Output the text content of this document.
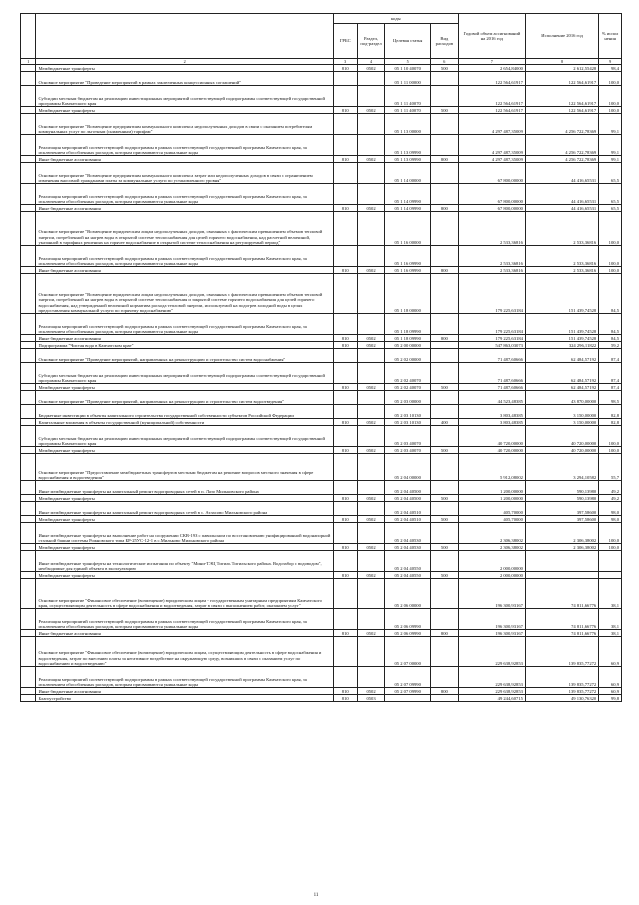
		коды				Годовой объем ассигнований на 2016 год	Исполнение 2016 год	% испол нения
		ГРБС	Раздел, под-раздел	Целевая статья	Вид расходов			
1	2	3	4	5	6	7	8	9
	Межбюджетные трансферты	810	0502	05 1 10 40070	500	2 654,84000	2 612,55428	98,4
	Основное мероприятие "Проведение мероприятий в рамках заключенных концессионных соглашений"			05 1 11 00000		122 564,61917	122 564,61917	100,0
	Субсидии местным бюджетам на реализацию инвестиционных мероприятий соответствующей подпрограммы соответствующей государственной программы Камчатского края			05 1 11 40070		122 564,61917	122 564,61917	100,0
	Межбюджетные трансферты	810	0502	05 1 11 40070	500	122 564,61917	122 564,61917	100,0
	Основное мероприятие "Возмещение предприятиям коммунального комплекса недополученных доходов в связи с оказанием потребителям коммунальных услуг по льготным (сниженным) тарифам"			05 1 13 00000		4 297 487,35009	4 256 722,78369	99,1
	Реализация мероприятий соответствующей подпрограммы в рамках соответствующей государственной программы Камчатского края, за исключением обособленных расходов, которым присваиваются уникальные коды			05 1 13 09990		4 297 487,35009	4 256 722,78369	99,1
	Иные бюджетные ассигнования	810	0502	05 1 13 09990	800	4 297 487,35009	4 256 722,78369	99,1
	Основное мероприятие "Возмещение предприятиям коммунального комплекса затрат или недополученных доходов в связи с ограничением изменения вносимой гражданами платы за коммунальные услуги по установленного уровня"			05 1 14 00000		67 800,00000	44 416,65531	65,5
	Реализация мероприятий соответствующей подпрограммы в рамках соответствующей государственной программы Камчатского края, за исключением обособленных расходов, которым присваиваются уникальные коды			05 1 14 09990		67 800,00000	44 416,65531	65,5
	Иные бюджетные ассигнования	810	0502	05 1 14 09990	800	67 800,00000	44 416,65531	65,5
	Основное мероприятие "Возмещение юридическим лицам недополученных доходов, связанных с фактическим превышением объемов тепловой энергии, потребленной на нагрев воды в открытой системе теплоснабжения для целей горячего водоснабжения, над расчетной величиной, указанной в тарифных решениях на горячее водоснабжение в открытой системе теплоснабжения на регулируемый период"			05 1 16 00000		2 533,36816	2 533,36816	100,0
	Реализация мероприятий соответствующей подпрограммы в рамках соответствующей государственной программы Камчатского края, за исключением обособленных расходов, которым присваиваются уникальные коды			05 1 16 09990		2 533,36816	2 533,36816	100,0
	Иные бюджетные ассигнования	810	0502	05 1 16 09990	800	2 533,36816	2 533,36816	100,0
	Основное мероприятие "Возмещение юридическим лицам недополученных доходов, связанных с фактическим превышением объемов тепловой энергии, потребленной на нагрев воды в открытой системе теплоснабжения и закрытой системе горячего водоснабжения для целей горячего водоснабжения, над утвержденной величиной норматива расхода тепловой энергии, используемой на подогрев холодной воды в целях предоставления коммунальной услуги по горячему водоснабжению"			05 1 18 00000		179 225,63184	151 439,74528	84,5
	Реализация мероприятий соответствующей подпрограммы в рамках соответствующей государственной программы Камчатского края, за исключением обособленных расходов, которым присваиваются уникальные коды			05 1 18 09990		179 225,63184	151 439,74528	84,5
	Иные бюджетные ассигнования	810	0502	05 1 18 09990	800	179 225,63184	151 439,74528	84,5
	Подпрограмма "Чистая вода в Камчатском крае"	810	0502	05 2 00 00000		547 863,03073	324 296,11822	59,2
	Основное мероприятие "Проведение мероприятий, направленных на реконструкцию и строительство систем водоснабжения"			05 2 02 00000		71 487,60666	62 484,57192	87,4
	Субсидии местным бюджетам на реализацию инвестиционных мероприятий соответствующей подпрограммы соответствующей государственной программы Камчатского края			05 2 02 40070		71 487,60666	62 484,57192	87,4
	Межбюджетные трансферты	810	0502	05 2 02 40070	500	71 487,60666	62 484,57192	87,4
	Основное мероприятие "Проведение мероприятий, направленных на реконструкцию и строительство систем водоотведения"			05 2 03 00000		44 523,48385	43 870,00000	98,5
	Бюджетные инвестиции в объекты капитального строительства государственной собственности субъектов Российской Федерации			05 2 03 10130		3 803,48385	3 150,00000	82,8
	Капитальные вложения в объекты государственной (муниципальной) собственности	810	0502	05 2 03 10130	400	3 803,48385	3 150,00000	82,8
	Субсидии местным бюджетам на реализацию инвестиционных мероприятий соответствующей подпрограммы соответствующей государственной программы Камчатского края			05 2 03 40070		40 720,00000	40 720,00000	100,0
	Межбюджетные трансферты	810	0502	05 2 03 40070	500	40 720,00000	40 720,00000	100,0
	Основное мероприятие "Предоставление межбюджетных трансфертов местным бюджетам на решение вопросов местного значения в сфере водоснабжения и водоотведения"			05 2 04 00000		5 912,08002	3 294,10582	55,7
	Иные межбюджетные трансферты на капитальный ремонт водопроводных сетей в п. Лазо Мильковского района			05 2 04 40500		1 200,00000	590,13980	49,2
	Межбюджетные трансферты	810	0502	05 2 04 40500	500	1 200,00000	590,13980	49,2
	Иные межбюджетные трансферты на капитальный ремонт водопроводных сетей в с. Атласово Мильковского района			05 2 04 40510		405,70000	397,58600	98,0
	Межбюджетные трансферты	810	0502	05 2 04 40510	500	405,70000	397,58600	98,0
	Иные межбюджетные трансферты на выполнение работ на сооружении СКВ-19З с павильоном по восстановлению унифицированной водонапорной стальной башни системы Рожновского типа БР-25УС-12-1 в с.Мильково Мильковского района			05 2 04 40530		2 306,38002	2 306,38002	100,0
	Межбюджетные трансферты	810	0502	05 2 04 40530	500	2 306,38002	2 306,38002	100,0
	Иные межбюджетные трансферты на технологические испытания по объекту "Мини-ТЭЦ Тигиль Тигильского района. Водозабор с водоводом", необходимые для единой объекта в эксплуатацию			05 2 04 40550		2 000,00000		
	Межбюджетные трансферты	810	0502	05 2 04 40550	500	2 000,00000		
	Основное мероприятие "Финансовое обеспечение (возмещение) юридическим лицам - государственным унитарным предприятиям Камчатского края, осуществляющим деятельность в сфере водоснабжения и водоотведения, затрат в связи с выполнением работ, оказанием услуг"			05 2 06 00000		196 300,93167	74 811,66776	38,1
	Реализация мероприятий соответствующей подпрограммы в рамках соответствующей государственной программы Камчатского края, за исключением обособленных расходов, которым присваиваются уникальные коды			05 2 06 09990		196 300,93167	74 811,66776	38,1
	Иные бюджетные ассигнования	810	0502	05 2 06 09990	800	196 300,93167	74 811,66776	38,1
	Основное мероприятие "Финансовое обеспечение (возмещение) юридическим лицам, осуществляющим деятельность в сфере водоснабжения и водоотведения, затрат по внесению платы за негативное воздействие на окружающую среду, возникших в связи с оказанием услуг по водоснабжению и водоотведению"			05 2 07 00000		229 638,92853	139 835,77272	60,9
	Реализация мероприятий соответствующей подпрограммы в рамках соответствующей государственной программы Камчатского края, за исключением обособленных расходов, которым присваиваются уникальные коды			05 2 07 09990		229 638,92853	139 835,77272	60,9
	Иные бюджетные ассигнования	810	0502	05 2 07 09990	800	229 638,92853	139 835,77272	60,9
	Благоустройство	810	0503			49 244,60715	49 130,76320	99,8
11
